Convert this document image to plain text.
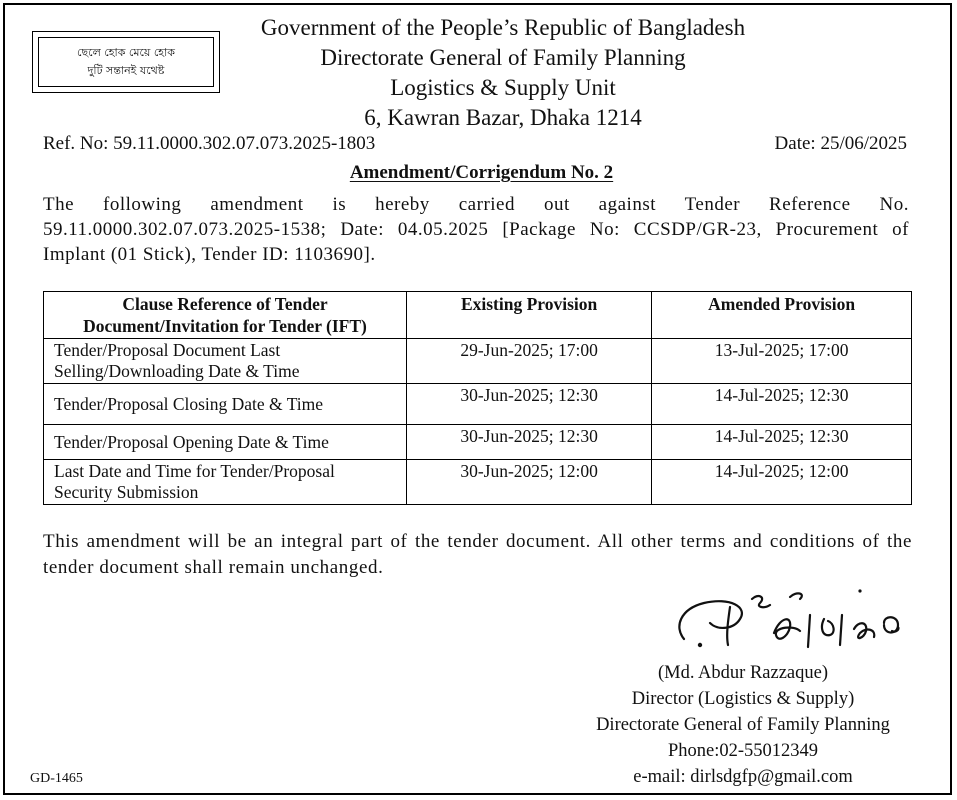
ছেলে হোক মেয়ে হোক
দুটি সন্তানই যথেষ্ট
Government of the People’s Republic of Bangladesh
Directorate General of Family Planning
Logistics & Supply Unit
6, Kawran Bazar, Dhaka 1214
Ref. No: 59.11.0000.302.07.073.2025-1803	Date: 25/06/2025
Amendment/Corrigendum No. 2
The following amendment is hereby carried out against Tender Reference No. 59.11.0000.302.07.073.2025-1538; Date: 04.05.2025 [Package No: CCSDP/GR-23, Procurement of Implant (01 Stick), Tender ID: 1103690].
Clause Reference of Tender Document/Invitation for Tender (IFT)	Existing Provision	Amended Provision
Tender/Proposal Document Last Selling/Downloading Date & Time	29-Jun-2025; 17:00	13-Jul-2025; 17:00
Tender/Proposal Closing Date & Time	30-Jun-2025; 12:30	14-Jul-2025; 12:30
Tender/Proposal Opening Date & Time	30-Jun-2025; 12:30	14-Jul-2025; 12:30
Last Date and Time for Tender/Proposal Security Submission	30-Jun-2025; 12:00	14-Jul-2025; 12:00
This amendment will be an integral part of the tender document. All other terms and conditions of the tender document shall remain unchanged.
(Md. Abdur Razzaque)
Director (Logistics & Supply)
Directorate General of Family Planning
Phone:02-55012349
e-mail: dirlsdgfp@gmail.com
GD-1465
